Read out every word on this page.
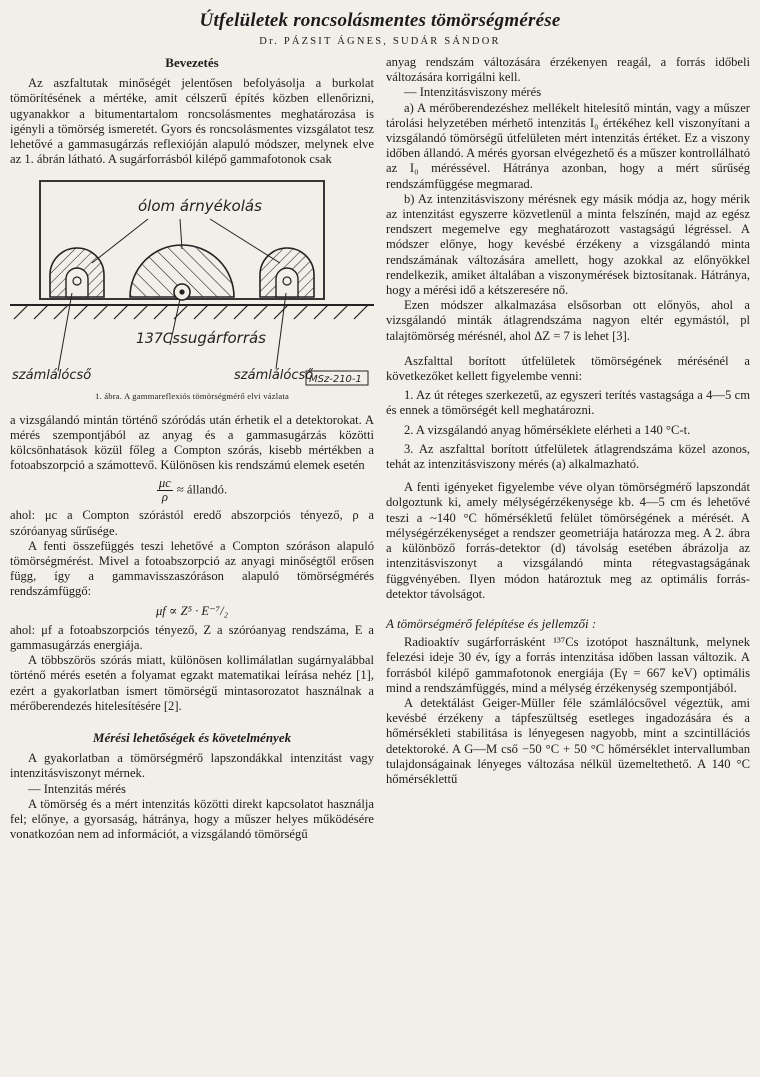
Útfelületek roncsolásmentes tömörségmérése
Dr. PÁZSIT ÁGNES, SUDÁR SÁNDOR
Bevezetés

Az aszfaltutak minőségét jelentősen befolyásolja a burkolat tömörítésének a mértéke, amit célszerű építés közben ellenőrizni, ugyanakkor a bitumentartalom roncsolásmentes meghatározása is igényli a tömörség ismeretét. Gyors és roncsolásmentes vizsgálatot tesz lehetővé a gammasugárzás reflexióján alapuló módszer, melynek elve az 1. ábrán látható. A sugárforrásból kilépő gammafotonok csak

ólom árnyékolás
137Cs sugárforrás
számlálócső	számlálócső
MSz-210-1
1. ábra. A gammareflexiós tömörségmérő elvi vázlata

a vizsgálandó mintán történő szóródás után érhetik el a detektorokat. A mérés szempontjából az anyag és a gammasugárzás közötti kölcsönhatások közül főleg a Compton szórás, kisebb mértékben a fotoabszorpció a számottevő. Különösen kis rendszámú elemek esetén

$\frac{\mu c}{\rho}$ ≈ állandó.

ahol: μc a Compton szórástól eredő abszorpciós tényező, ρ a szóróanyag sűrűsége.

A fenti összefüggés teszi lehetővé a Compton szóráson alapuló tömörségmérést. Mivel a fotoabszorpció az anyagi minőségtől erősen függ, így a gammavisszaszóráson alapuló tömörségmérés rendszámfüggő:

μf ∝ Z⁵ · E⁻⁷/₂

ahol: μf a fotoabszorpciós tényező, Z a szóróanyag rendszáma, E a gammasugárzás energiája.

A többszörös szórás miatt, különösen kollimálatlan sugárnyalábbal történő mérés esetén a folyamat egzakt matematikai leírása nehéz [1], ezért a gyakorlatban ismert tömörségű mintasorozatot használnak a mérőberendezés hitelesítésére [2].

Mérési lehetőségek és követelmények

A gyakorlatban a tömörségmérő lapszondákkal intenzitást vagy intenzitásviszonyt mérnek.

— Intenzitás mérés

A tömörség és a mért intenzitás közötti direkt kapcsolatot használja fel; előnye, a gyorsaság, hátránya, hogy a műszer helyes működésére vonatkozóan nem ad információt, a vizsgálandó tömörségű

anyag rendszám változására érzékenyen reagál, a forrás időbeli változására korrigálni kell.

— Intenzitásviszony mérés

a) A mérőberendezéshez mellékelt hitelesítő mintán, vagy a műszer tárolási helyzetében mérhető intenzitás I₀ értékéhez kell viszonyítani a vizsgálandó tömörségű útfelületen mért intenzitás értéket. Ez a viszony időben állandó. A mérés gyorsan elvégezhető és a műszer kontrollálható az I₀ méréssével. Hátránya azonban, hogy a mért sűrűség rendszámfüggése megmarad.

b) Az intenzitásviszony mérésnek egy másik módja az, hogy mérik az intenzitást egyszerre közvetlenül a minta felszínén, majd az egész rendszert megemelve egy meghatározott vastagságú légréssel. A módszer előnye, hogy kevésbé érzékeny a vizsgálandó minta rendszámának változására amellett, hogy azokkal az előnyökkel rendelkezik, amiket általában a viszonymérések biztosítanak. Hátránya, hogy a mérési idő a kétszeresére nő.

Ezen módszer alkalmazása elsősorban ott előnyös, ahol a vizsgálandó minták átlagrendszáma nagyon eltér egymástól, pl talajtömörség mérésnél, ahol ΔZ = 7 is lehet [3].

Aszfalttal borított útfelületek tömörségének mérésénél a következőket kellett figyelembe venni:

1. Az út réteges szerkezetű, az egyszeri terítés vastagsága a 4—5 cm és ennek a tömörségét kell meghatározni.

2. A vizsgálandó anyag hőmérséklete elérheti a 140 °C-t.

3. Az aszfalttal borított útfelületek átlagrendszáma közel azonos, tehát az intenzitásviszony mérés (a) alkalmazható.

A fenti igényeket figyelembe véve olyan tömörségmérő lapszondát dolgoztunk ki, amely mélységérzékenysége kb. 4—5 cm és lehetővé teszi a ~140 °C hőmérsékletű felület tömörségének a mérését. A mélységérzékenységet a rendszer geometriája határozza meg. A 2. ábra a különböző forrás-detektor (d) távolság esetében ábrázolja az intenzitásviszonyt a vizsgálandó minta rétegvastagságának függvényében. Ilyen módon határoztuk meg az optimális forrás-detektor távolságot.

A tömörségmérő felépítése és jellemzői :

Radioaktív sugárforrásként ¹³⁷Cs izotópot használtunk, melynek felezési ideje 30 év, így a forrás intenzitása időben lassan változik. A forrásból kilépő gammafotonok energiája (Eγ = 667 keV) optimális mind a rendszámfüggés, mind a mélység érzékenység szempontjából.

A detektálást Geiger-Müller féle számlálócsővel végeztük, ami kevésbé érzékeny a tápfeszültség esetleges ingadozására és a hőmérsékleti stabilitása is lényegesen nagyobb, mint a szcintillációs detektoroké. A G—M cső −50 °C + 50 °C hőmérséklet intervallumban tulajdonságainak lényeges változása nélkül üzemeltethető. A 140 °C hőmérséklettű
